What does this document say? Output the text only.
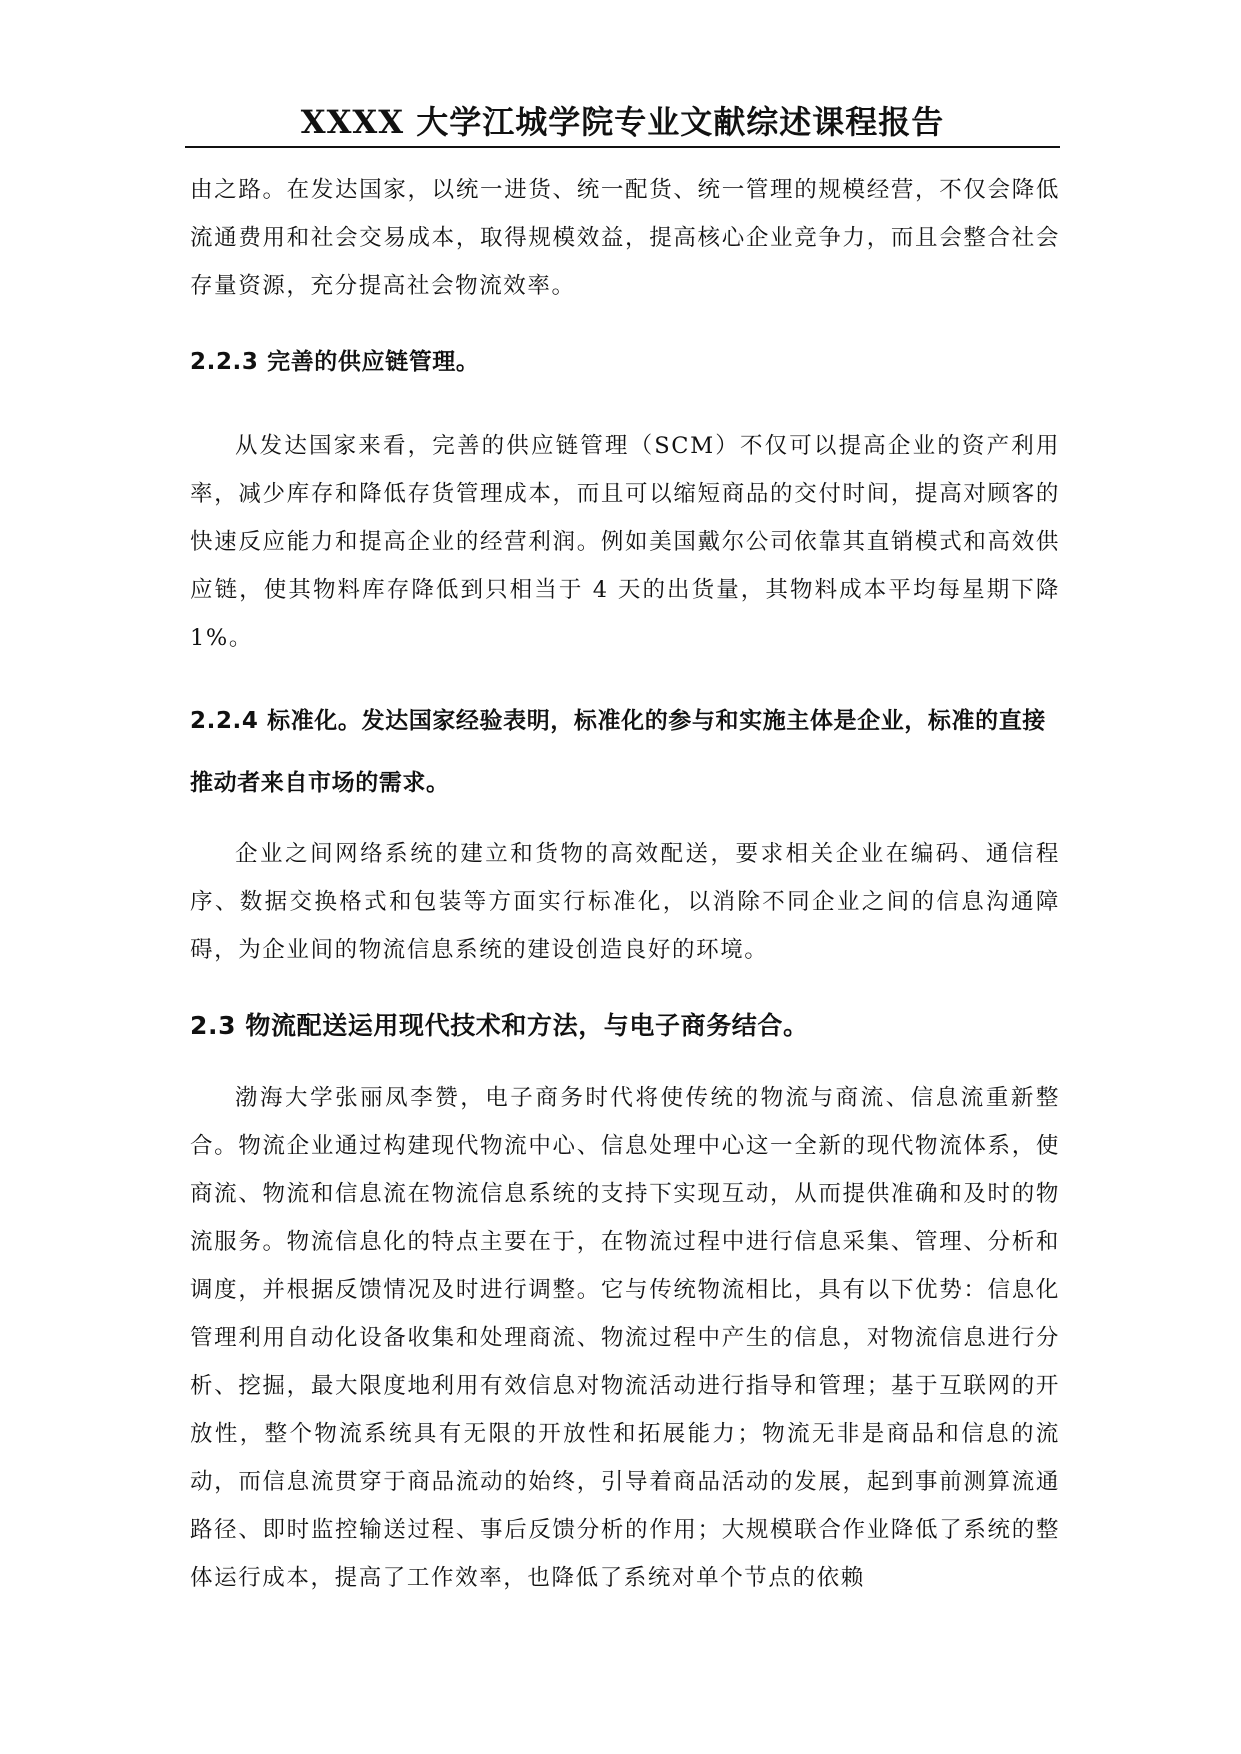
XXXX 大学江城学院专业文献综述课程报告

由之路。在发达国家，以统一进货、统一配货、统一管理的规模经营，不仅会降低流通费用和社会交易成本，取得规模效益，提高核心企业竞争力，而且会整合社会存量资源，充分提高社会物流效率。

2.2.3 完善的供应链管理。

从发达国家来看，完善的供应链管理（SCM）不仅可以提高企业的资产利用率，减少库存和降低存货管理成本，而且可以缩短商品的交付时间，提高对顾客的快速反应能力和提高企业的经营利润。例如美国戴尔公司依靠其直销模式和高效供应链，使其物料库存降低到只相当于 4 天的出货量，其物料成本平均每星期下降 1%。

2.2.4 标准化。发达国家经验表明，标准化的参与和实施主体是企业，标准的直接推动者来自市场的需求。

企业之间网络系统的建立和货物的高效配送，要求相关企业在编码、通信程序、数据交换格式和包装等方面实行标准化，以消除不同企业之间的信息沟通障碍，为企业间的物流信息系统的建设创造良好的环境。

2.3 物流配送运用现代技术和方法，与电子商务结合。

渤海大学张丽凤李赞，电子商务时代将使传统的物流与商流、信息流重新整合。物流企业通过构建现代物流中心、信息处理中心这一全新的现代物流体系，使商流、物流和信息流在物流信息系统的支持下实现互动，从而提供准确和及时的物流服务。物流信息化的特点主要在于，在物流过程中进行信息采集、管理、分析和调度，并根据反馈情况及时进行调整。它与传统物流相比，具有以下优势：信息化管理利用自动化设备收集和处理商流、物流过程中产生的信息，对物流信息进行分析、挖掘，最大限度地利用有效信息对物流活动进行指导和管理；基于互联网的开放性，整个物流系统具有无限的开放性和拓展能力；物流无非是商品和信息的流动，而信息流贯穿于商品流动的始终，引导着商品活动的发展，起到事前测算流通路径、即时监控输送过程、事后反馈分析的作用；大规模联合作业降低了系统的整体运行成本，提高了工作效率，也降低了系统对单个节点的依赖
